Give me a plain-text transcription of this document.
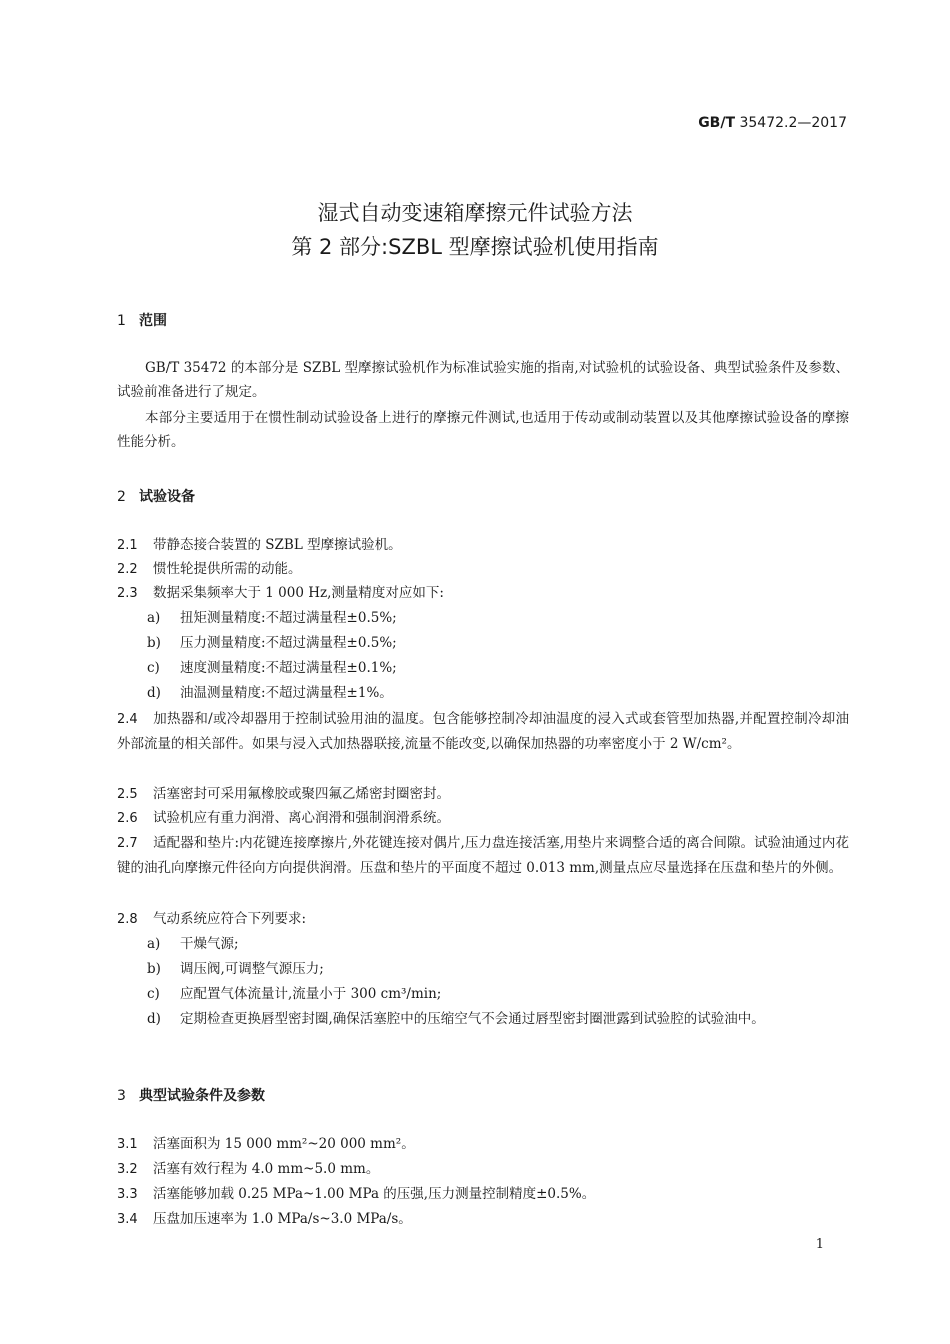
GB/T 35472.2—2017
湿式自动变速箱摩擦元件试验方法
第 2 部分:SZBL 型摩擦试验机使用指南
1 范围
GB/T 35472 的本部分是 SZBL 型摩擦试验机作为标准试验实施的指南,对试验机的试验设备、典型试验条件及参数、试验前准备进行了规定。
本部分主要适用于在惯性制动试验设备上进行的摩擦元件测试,也适用于传动或制动装置以及其他摩擦试验设备的摩擦性能分析。
2 试验设备
2.1 带静态接合装置的 SZBL 型摩擦试验机。
2.2 惯性轮提供所需的动能。
2.3 数据采集频率大于 1 000 Hz,测量精度对应如下:
a) 扭矩测量精度:不超过满量程±0.5%;
b) 压力测量精度:不超过满量程±0.5%;
c) 速度测量精度:不超过满量程±0.1%;
d) 油温测量精度:不超过满量程±1%。
2.4 加热器和/或冷却器用于控制试验用油的温度。包含能够控制冷却油温度的浸入式或套管型加热器,并配置控制冷却油外部流量的相关部件。如果与浸入式加热器联接,流量不能改变,以确保加热器的功率密度小于 2 W/cm²。
2.5 活塞密封可采用氟橡胶或聚四氟乙烯密封圈密封。
2.6 试验机应有重力润滑、离心润滑和强制润滑系统。
2.7 适配器和垫片:内花键连接摩擦片,外花键连接对偶片,压力盘连接活塞,用垫片来调整合适的离合间隙。试验油通过内花键的油孔向摩擦元件径向方向提供润滑。压盘和垫片的平面度不超过 0.013 mm,测量点应尽量选择在压盘和垫片的外侧。
2.8 气动系统应符合下列要求:
a) 干燥气源;
b) 调压阀,可调整气源压力;
c) 应配置气体流量计,流量小于 300 cm³/min;
d)	定期检查更换唇型密封圈,确保活塞腔中的压缩空气不会通过唇型密封圈泄露到试验腔的试验油中。
3 典型试验条件及参数
3.1 活塞面积为 15 000 mm²~20 000 mm²。
3.2 活塞有效行程为 4.0 mm~5.0 mm。
3.3 活塞能够加载 0.25 MPa~1.00 MPa 的压强,压力测量控制精度±0.5%。
3.4 压盘加压速率为 1.0 MPa/s~3.0 MPa/s。
1
